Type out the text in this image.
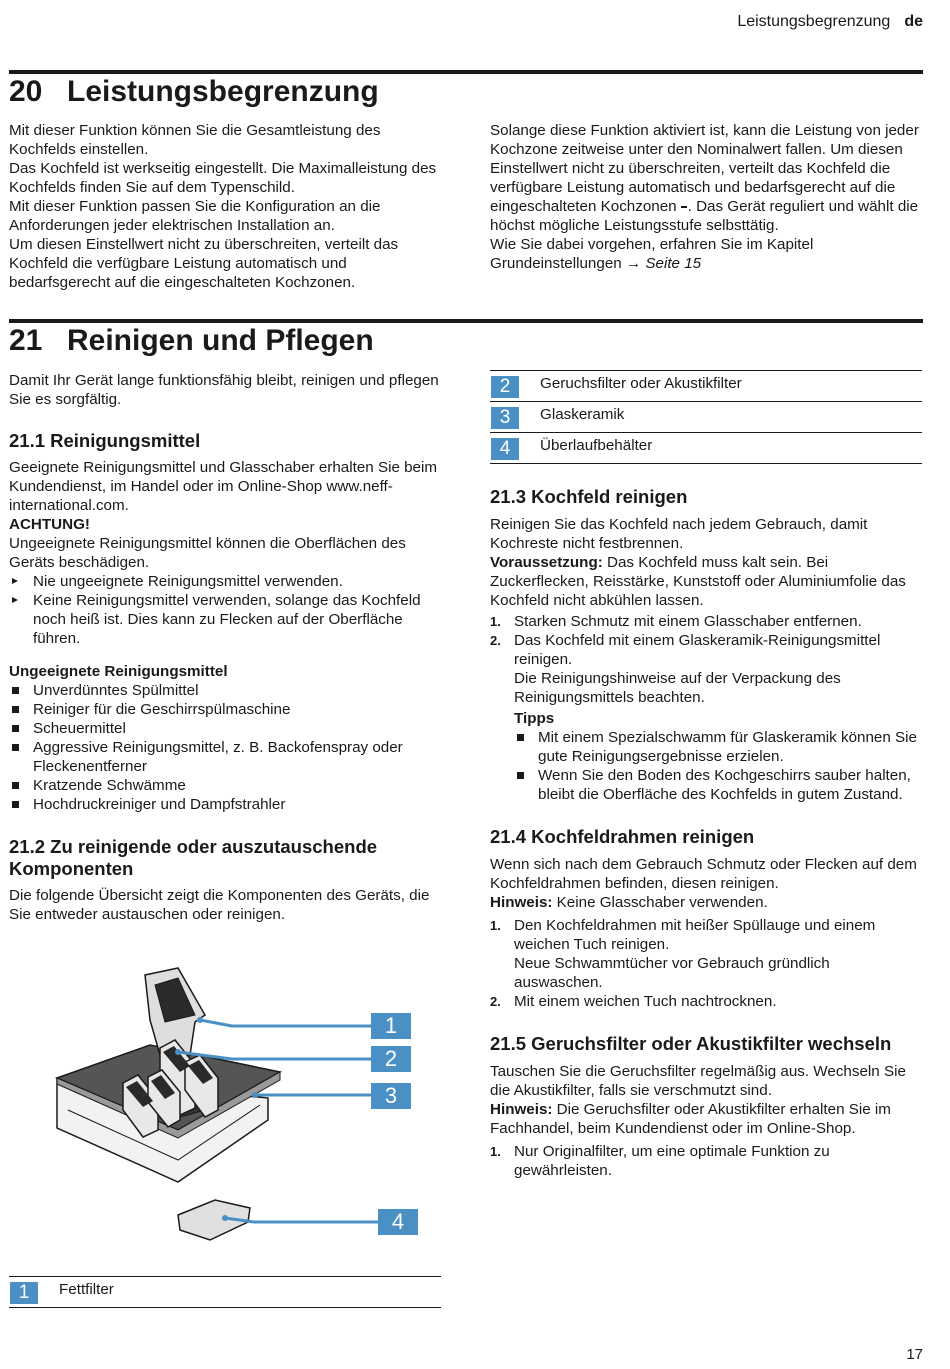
Leistungsbegrenzung de
20 Leistungsbegrenzung

Mit dieser Funktion können Sie die Gesamtleistung des Kochfelds einstellen.

Das Kochfeld ist werkseitig eingestellt. Die Maximalleistung des Kochfelds finden Sie auf dem Typenschild.

Mit dieser Funktion passen Sie die Konfiguration an die Anforderungen jeder elektrischen Installation an.

Um diesen Einstellwert nicht zu überschreiten, verteilt das Kochfeld die verfügbare Leistung automatisch und bedarfsgerecht auf die eingeschalteten Kochzonen.

Solange diese Funktion aktiviert ist, kann die Leistung von jeder Kochzone zeitweise unter den Nominalwert fallen. Um diesen Einstellwert nicht zu überschreiten, verteilt das Kochfeld die verfügbare Leistung automatisch und bedarfsgerecht auf die eingeschalteten Kochzonen . Das Gerät reguliert und wählt die höchst mögliche Leistungsstufe selbsttätig.

Wie Sie dabei vorgehen, erfahren Sie im Kapitel Grundeinstellungen → Seite 15

21 Reinigen und Pflegen

Damit Ihr Gerät lange funktionsfähig bleibt, reinigen und pflegen Sie es sorgfältig.

21.1 Reinigungsmittel

Geeignete Reinigungsmittel und Glasschaber erhalten Sie beim Kundendienst, im Handel oder im Online-Shop www.neff-international.com.

ACHTUNG!

Ungeeignete Reinigungsmittel können die Oberflächen des Geräts beschädigen.

Nie ungeeignete Reinigungsmittel verwenden.
Keine Reinigungsmittel verwenden, solange das Kochfeld noch heiß ist. Dies kann zu Flecken auf der Oberfläche führen.

Ungeeignete Reinigungsmittel

Unverdünntes Spülmittel
Reiniger für die Geschirrspülmaschine
Scheuermittel
Aggressive Reinigungsmittel, z. B. Backofenspray oder Fleckenentferner
Kratzende Schwämme
Hochdruckreiniger und Dampfstrahler
21.2 Zu reinigende oder auszutauschende Komponenten

Die folgende Übersicht zeigt die Komponenten des Geräts, die Sie entweder austauschen oder reinigen.

1
2
3
4
1	Fettfilter
2	Geruchsfilter oder Akustikfilter
3	Glaskeramik
4	Überlaufbehälter
21.3 Kochfeld reinigen

Reinigen Sie das Kochfeld nach jedem Gebrauch, damit Kochreste nicht festbrennen.

Voraussetzung: Das Kochfeld muss kalt sein. Bei Zuckerflecken, Reisstärke, Kunststoff oder Aluminiumfolie das Kochfeld nicht abkühlen lassen.

1. Starken Schmutz mit einem Glasschaber entfernen.
2. Das Kochfeld mit einem Glaskeramik-Reinigungsmittel reinigen.
Die Reinigungshinweise auf der Verpackung des Reinigungsmittels beachten.

Tipps

Mit einem Spezialschwamm für Glaskeramik können Sie gute Reinigungsergebnisse erzielen.
Wenn Sie den Boden des Kochgeschirrs sauber halten, bleibt die Oberfläche des Kochfelds in gutem Zustand.
21.4 Kochfeldrahmen reinigen

Wenn sich nach dem Gebrauch Schmutz oder Flecken auf dem Kochfeldrahmen befinden, diesen reinigen.

Hinweis: Keine Glasschaber verwenden.

1. Den Kochfeldrahmen mit heißer Spüllauge und einem weichen Tuch reinigen.
Neue Schwammtücher vor Gebrauch gründlich auswaschen.
2. Mit einem weichen Tuch nachtrocknen.
21.5 Geruchsfilter oder Akustikfilter wechseln

Tauschen Sie die Geruchsfilter regelmäßig aus. Wechseln Sie die Akustikfilter, falls sie verschmutzt sind.

Hinweis: Die Geruchsfilter oder Akustikfilter erhalten Sie im Fachhandel, beim Kundendienst oder im Online-Shop.

1. Nur Originalfilter, um eine optimale Funktion zu gewährleisten.
17
